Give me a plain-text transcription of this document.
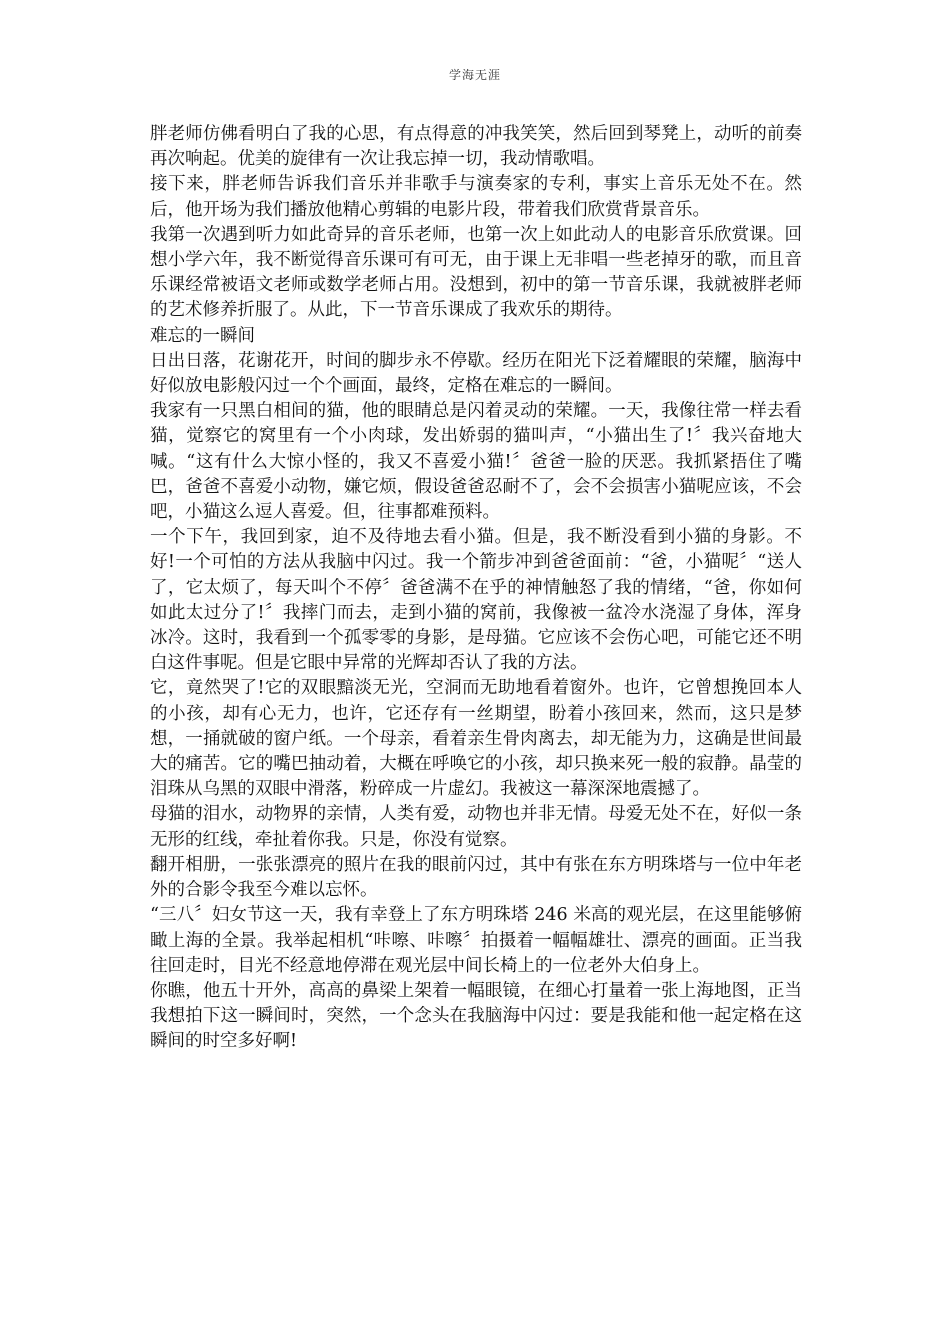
学海无涯

胖老师仿佛看明白了我的心思，有点得意的冲我笑笑，然后回到琴凳上，动听的前奏再次响起。优美的旋律有一次让我忘掉一切，我动情歌唱。

接下来，胖老师告诉我们音乐并非歌手与演奏家的专利，事实上音乐无处不在。然后，他开场为我们播放他精心剪辑的电影片段，带着我们欣赏背景音乐。

我第一次遇到听力如此奇异的音乐老师，也第一次上如此动人的电影音乐欣赏课。回想小学六年，我不断觉得音乐课可有可无，由于课上无非唱一些老掉牙的歌，而且音乐课经常被语文老师或数学老师占用。没想到，初中的第一节音乐课，我就被胖老师的艺术修养折服了。从此，下一节音乐课成了我欢乐的期待。

难忘的一瞬间

日出日落，花谢花开，时间的脚步永不停歇。经历在阳光下泛着耀眼的荣耀，脑海中好似放电影般闪过一个个画面，最终，定格在难忘的一瞬间。

我家有一只黑白相间的猫，他的眼睛总是闪着灵动的荣耀。一天，我像往常一样去看猫，觉察它的窝里有一个小肉球，发出娇弱的猫叫声，“小猫出生了!〞我兴奋地大喊。“这有什么大惊小怪的，我又不喜爱小猫!〞爸爸一脸的厌恶。我抓紧捂住了嘴巴，爸爸不喜爱小动物，嫌它烦，假设爸爸忍耐不了，会不会损害小猫呢应该，不会吧，小猫这么逗人喜爱。但，往事都难预料。

一个下午，我回到家，迫不及待地去看小猫。但是，我不断没看到小猫的身影。不好!一个可怕的方法从我脑中闪过。我一个箭步冲到爸爸面前：“爸，小猫呢〞“送人了，它太烦了，每天叫个不停〞爸爸满不在乎的神情触怒了我的情绪，“爸，你如何如此太过分了!〞我摔门而去，走到小猫的窝前，我像被一盆冷水浇湿了身体，浑身冰冷。这时，我看到一个孤零零的身影，是母猫。它应该不会伤心吧，可能它还不明白这件事呢。但是它眼中异常的光辉却否认了我的方法。

它，竟然哭了!它的双眼黯淡无光，空洞而无助地看着窗外。也许，它曾想挽回本人的小孩，却有心无力，也许，它还存有一丝期望，盼着小孩回来，然而，这只是梦想，一捅就破的窗户纸。一个母亲，看着亲生骨肉离去，却无能为力，这确是世间最大的痛苦。它的嘴巴抽动着，大概在呼唤它的小孩，却只换来死一般的寂静。晶莹的泪珠从乌黑的双眼中滑落，粉碎成一片虚幻。我被这一幕深深地震撼了。

母猫的泪水，动物界的亲情，人类有爱，动物也并非无情。母爱无处不在，好似一条无形的红线，牵扯着你我。只是，你没有觉察。

翻开相册，一张张漂亮的照片在我的眼前闪过，其中有张在东方明珠塔与一位中年老外的合影令我至今难以忘怀。

“三八〞妇女节这一天，我有幸登上了东方明珠塔 246 米高的观光层，在这里能够俯瞰上海的全景。我举起相机“咔嚓、咔嚓〞拍摄着一幅幅雄壮、漂亮的画面。正当我往回走时，目光不经意地停滞在观光层中间长椅上的一位老外大伯身上。

你瞧，他五十开外，高高的鼻梁上架着一幅眼镜，在细心打量着一张上海地图，正当我想拍下这一瞬间时，突然，一个念头在我脑海中闪过：要是我能和他一起定格在这瞬间的时空多好啊!
